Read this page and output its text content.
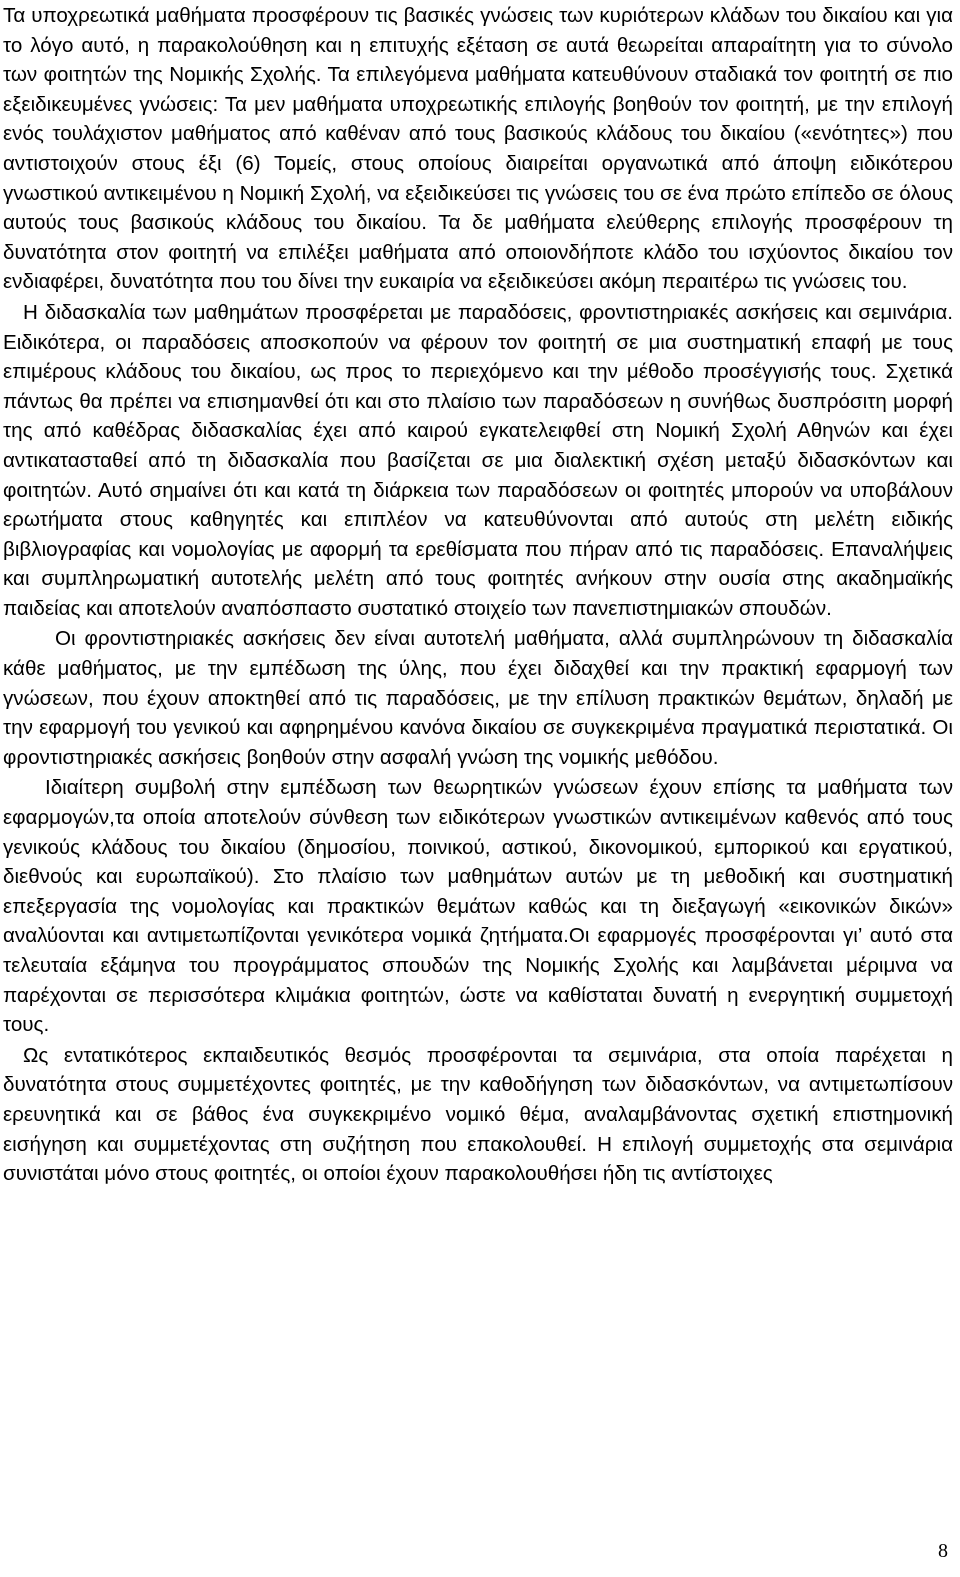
Τα υποχρεωτικά μαθήματα προσφέρουν τις βασικές γνώσεις των κυριότερων κλάδων του δικαίου και για το λόγο αυτό, η παρακολούθηση και η επιτυχής εξέταση σε αυτά θεωρείται απαραίτητη για το σύνολο των φοιτητών της Νομικής Σχολής. Τα επιλεγόμενα μαθήματα κατευθύνουν σταδιακά τον φοιτητή σε πιο εξειδικευμένες γνώσεις: Τα μεν μαθήματα υποχρεωτικής επιλογής βοηθούν τον φοιτητή, με την επιλογή ενός τουλάχιστον μαθήματος από καθέναν από τους βασικούς κλάδους του δικαίου («ενότητες») που αντιστοιχούν στους έξι (6) Τομείς, στους οποίους διαιρείται οργανωτικά από άποψη ειδικότερου γνωστικού αντικειμένου η Νομική Σχολή, να εξειδικεύσει τις γνώσεις του σε ένα πρώτο επίπεδο σε όλους αυτούς τους βασικούς κλάδους του δικαίου. Τα δε μαθήματα ελεύθερης επιλογής προσφέρουν τη δυνατότητα στον φοιτητή να επιλέξει μαθήματα από οποιονδήποτε κλάδο του ισχύοντος δικαίου τον ενδιαφέρει, δυνατότητα που του δίνει την ευκαιρία να εξειδικεύσει ακόμη περαιτέρω τις γνώσεις του.

Η διδασκαλία των μαθημάτων προσφέρεται με παραδόσεις, φροντιστηριακές ασκήσεις και σεμινάρια. Ειδικότερα, οι παραδόσεις αποσκοπούν να φέρουν τον φοιτητή σε μια συστηματική επαφή με τους επιμέρους κλάδους του δικαίου, ως προς το περιεχόμενο και την μέθοδο προσέγγισής τους. Σχετικά πάντως θα πρέπει να επισημανθεί ότι και στο πλαίσιο των παραδόσεων η συνήθως δυσπρόσιτη μορφή της από καθέδρας διδασκαλίας έχει από καιρού εγκατελειφθεί στη Νομική Σχολή Αθηνών και έχει αντικατασταθεί από τη διδασκαλία που βασίζεται σε μια διαλεκτική σχέση μεταξύ διδασκόντων και φοιτητών. Αυτό σημαίνει ότι και κατά τη διάρκεια των παραδόσεων οι φοιτητές μπορούν να υποβάλουν ερωτήματα στους καθηγητές και επιπλέον να κατευθύνονται από αυτούς στη μελέτη ειδικής βιβλιογραφίας και νομολογίας με αφορμή τα ερεθίσματα που πήραν από τις παραδόσεις. Επαναλήψεις και συμπληρωματική αυτοτελής μελέτη από τους φοιτητές ανήκουν στην ουσία στης ακαδημαϊκής παιδείας και αποτελούν αναπόσπαστο συστατικό στοιχείο των πανεπιστημιακών σπουδών.

Οι φροντιστηριακές ασκήσεις δεν είναι αυτοτελή μαθήματα, αλλά συμπληρώνουν τη διδασκαλία κάθε μαθήματος, με την εμπέδωση της ύλης, που έχει διδαχθεί και την πρακτική εφαρμογή των γνώσεων, που έχουν αποκτηθεί από τις παραδόσεις, με την επίλυση πρακτικών θεμάτων, δηλαδή με την εφαρμογή του γενικού και αφηρημένου κανόνα δικαίου σε συγκεκριμένα πραγματικά περιστατικά. Οι φροντιστηριακές ασκήσεις βοηθούν στην ασφαλή γνώση της νομικής μεθόδου.

Ιδιαίτερη συμβολή στην εμπέδωση των θεωρητικών γνώσεων έχουν επίσης τα μαθήματα των εφαρμογών,τα οποία αποτελούν σύνθεση των ειδικότερων γνωστικών αντικειμένων καθενός από τους γενικούς κλάδους του δικαίου (δημοσίου, ποινικού, αστικού, δικονομικού, εμπορικού και εργατικού, διεθνούς και ευρωπαϊκού). Στο πλαίσιο των μαθημάτων αυτών με τη μεθοδική και συστηματική επεξεργασία της νομολογίας και πρακτικών θεμάτων καθώς και τη διεξαγωγή «εικονικών δικών» αναλύονται και αντιμετωπίζονται γενικότερα νομικά ζητήματα.Οι εφαρμογές προσφέρονται γι’ αυτό στα τελευταία εξάμηνα του προγράμματος σπουδών της Νομικής Σχολής και λαμβάνεται μέριμνα να παρέχονται σε περισσότερα κλιμάκια φοιτητών, ώστε να καθίσταται δυνατή η ενεργητική συμμετοχή τους.

Ως εντατικότερος εκπαιδευτικός θεσμός προσφέρονται τα σεμινάρια, στα οποία παρέχεται η δυνατότητα στους συμμετέχοντες φοιτητές, με την καθοδήγηση των διδασκόντων, να αντιμετωπίσουν ερευνητικά και σε βάθος ένα συγκεκριμένο νομικό θέμα, αναλαμβάνοντας σχετική επιστημονική εισήγηση και συμμετέχοντας στη συζήτηση που επακολουθεί. Η επιλογή συμμετοχής στα σεμινάρια συνιστάται μόνο στους φοιτητές, οι οποίοι έχουν παρακολουθήσει ήδη τις αντίστοιχες

8
